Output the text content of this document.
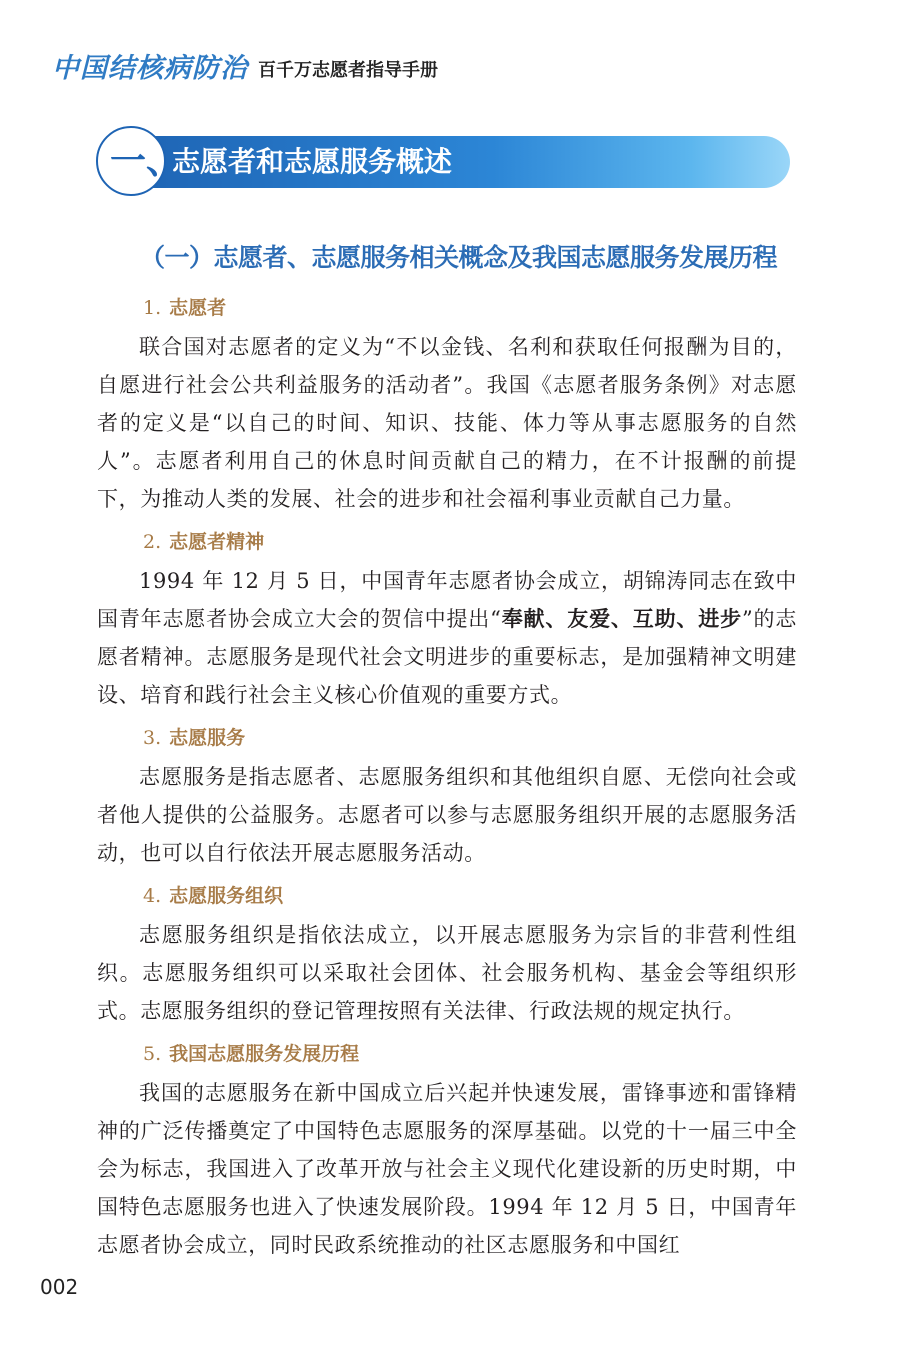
中国结核病防治 百千万志愿者指导手册
一、
志愿者和志愿服务概述
（一）志愿者、志愿服务相关概念及我国志愿服务发展历程
1. 志愿者
联合国对志愿者的定义为“不以金钱、名利和获取任何报酬为目的，自愿进行社会公共利益服务的活动者”。我国《志愿者服务条例》对志愿者的定义是“以自己的时间、知识、技能、体力等从事志愿服务的自然人”。志愿者利用自己的休息时间贡献自己的精力，在不计报酬的前提下，为推动人类的发展、社会的进步和社会福利事业贡献自己力量。
2. 志愿者精神
1994 年 12 月 5 日，中国青年志愿者协会成立，胡锦涛同志在致中国青年志愿者协会成立大会的贺信中提出“奉献、友爱、互助、进步”的志愿者精神。志愿服务是现代社会文明进步的重要标志，是加强精神文明建设、培育和践行社会主义核心价值观的重要方式。
3. 志愿服务
志愿服务是指志愿者、志愿服务组织和其他组织自愿、无偿向社会或者他人提供的公益服务。志愿者可以参与志愿服务组织开展的志愿服务活动，也可以自行依法开展志愿服务活动。
4. 志愿服务组织
志愿服务组织是指依法成立，以开展志愿服务为宗旨的非营利性组织。志愿服务组织可以采取社会团体、社会服务机构、基金会等组织形式。志愿服务组织的登记管理按照有关法律、行政法规的规定执行。
5. 我国志愿服务发展历程
我国的志愿服务在新中国成立后兴起并快速发展，雷锋事迹和雷锋精神的广泛传播奠定了中国特色志愿服务的深厚基础。以党的十一届三中全会为标志，我国进入了改革开放与社会主义现代化建设新的历史时期，中国特色志愿服务也进入了快速发展阶段。1994 年 12 月 5 日，中国青年志愿者协会成立，同时民政系统推动的社区志愿服务和中国红
002
